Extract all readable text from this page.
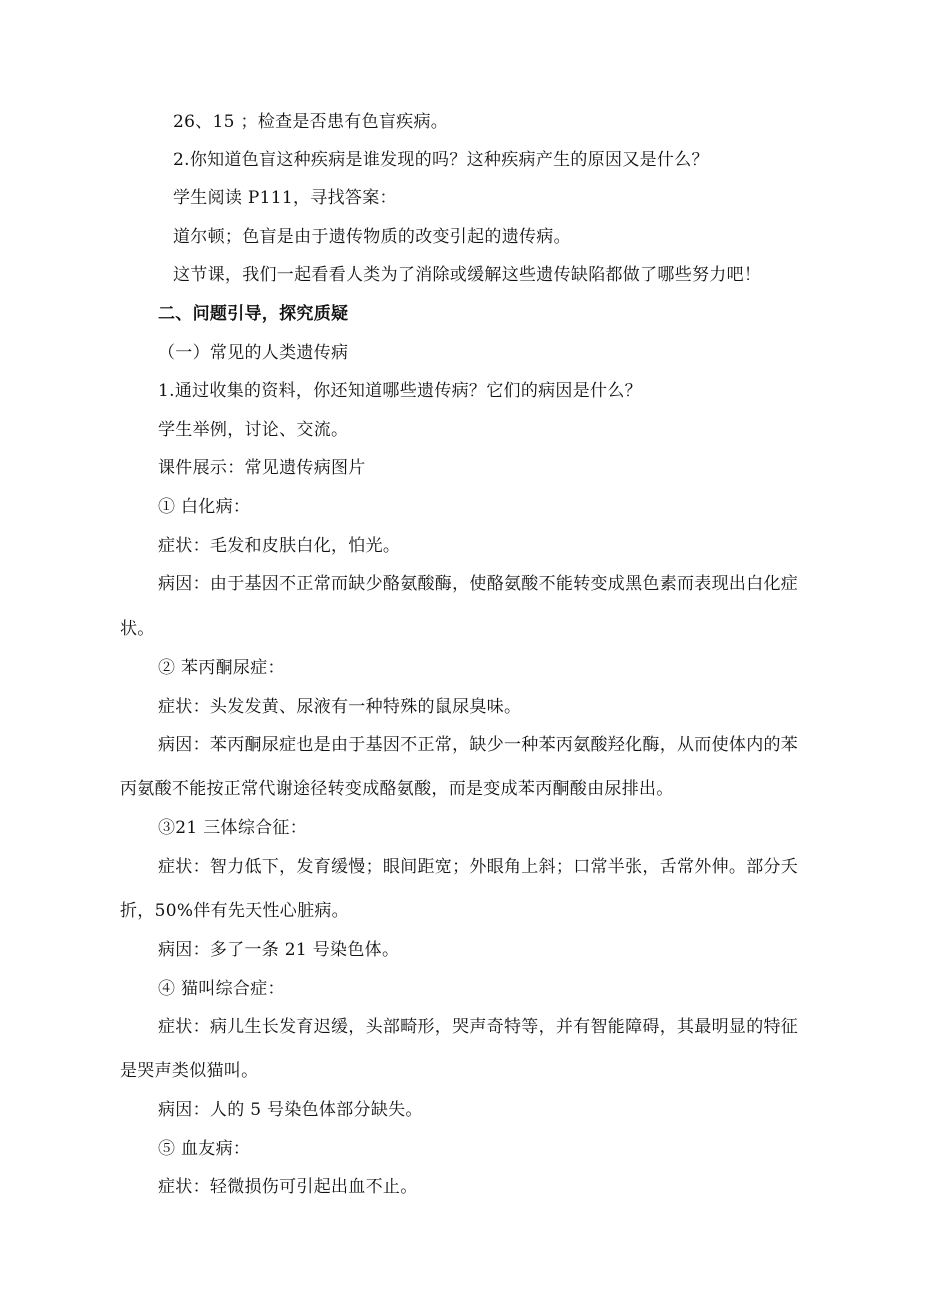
26、15 ；检查是否患有色盲疾病。
2.你知道色盲这种疾病是谁发现的吗？这种疾病产生的原因又是什么？
学生阅读 P111，寻找答案：
道尔顿；色盲是由于遗传物质的改变引起的遗传病。
这节课，我们一起看看人类为了消除或缓解这些遗传缺陷都做了哪些努力吧！
二、问题引导，探究质疑
（一）常见的人类遗传病
1.通过收集的资料，你还知道哪些遗传病？它们的病因是什么？
学生举例，讨论、交流。
课件展示：常见遗传病图片
① 白化病：
症状：毛发和皮肤白化，怕光。
病因：由于基因不正常而缺少酪氨酸酶，使酪氨酸不能转变成黑色素而表现出白化症
状。
② 苯丙酮尿症：
症状：头发发黄、尿液有一种特殊的鼠尿臭味。
病因：苯丙酮尿症也是由于基因不正常，缺少一种苯丙氨酸羟化酶，从而使体内的苯
丙氨酸不能按正常代谢途径转变成酪氨酸，而是变成苯丙酮酸由尿排出。
③21 三体综合征：
症状：智力低下，发育缓慢；眼间距宽；外眼角上斜；口常半张，舌常外伸。部分夭
折，50%伴有先天性心脏病。
病因：多了一条 21 号染色体。
④ 猫叫综合症：
症状：病儿生长发育迟缓，头部畸形，哭声奇特等，并有智能障碍，其最明显的特征
是哭声类似猫叫。
病因：人的 5 号染色体部分缺失。
⑤ 血友病：
症状：轻微损伤可引起出血不止。
